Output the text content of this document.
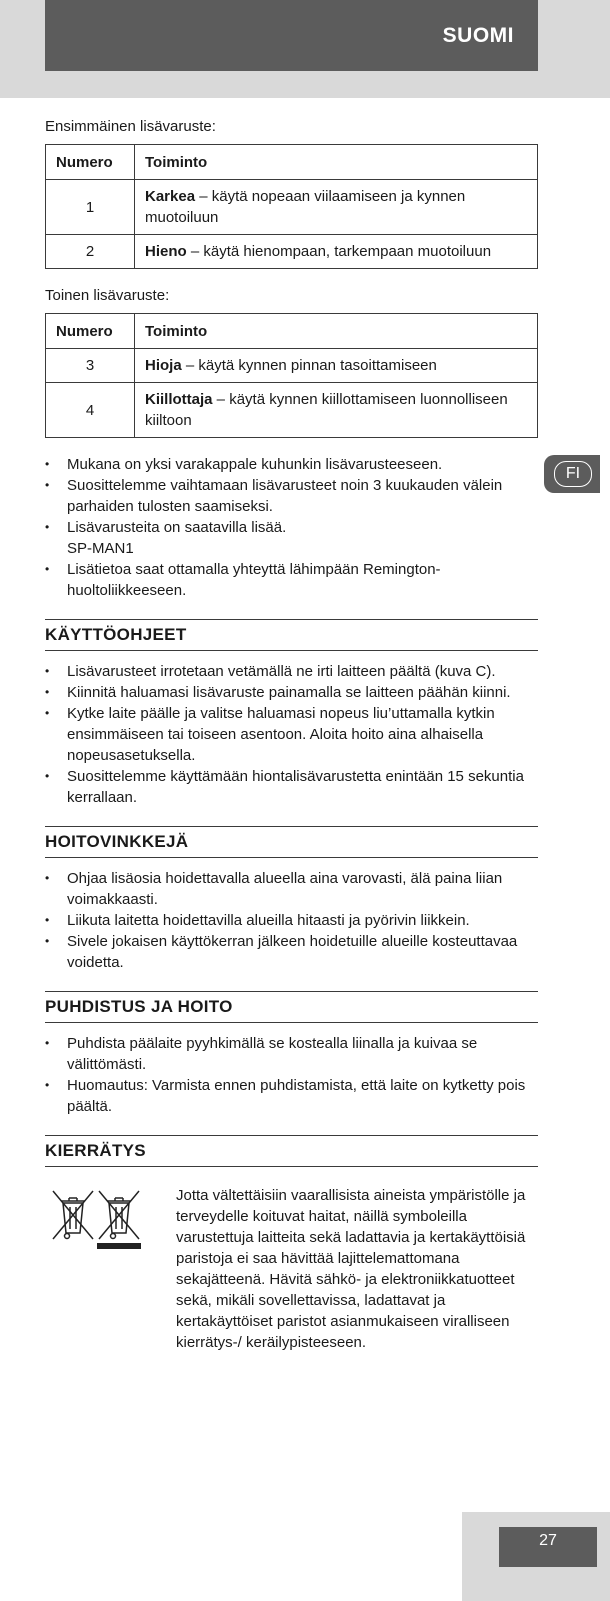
SUOMI
FI

Ensimmäinen lisävaruste:

Numero	Toiminto
1	Karkea – käytä nopeaan viilaamiseen ja kynnen muotoiluun
2	Hieno – käytä hienompaan, tarkempaan muotoiluun

Toinen lisävaruste:

Numero	Toiminto
3	Hioja – käytä kynnen pinnan tasoittamiseen
4	Kiillottaja – käytä kynnen kiillottamiseen luonnolliseen kiiltoon
• Mukana on yksi varakappale kuhunkin lisävarusteeseen.
• Suosittelemme vaihtamaan lisävarusteet noin 3 kuukauden välein parhaiden tulosten saamiseksi.
• Lisävarusteita on saatavilla lisää.
SP-MAN1
• Lisätietoa saat ottamalla yhteyttä lähimpään Remington-huoltoliikkeeseen.
KÄYTTÖOHJEET
• Lisävarusteet irrotetaan vetämällä ne irti laitteen päältä (kuva C).
• Kiinnitä haluamasi lisävaruste painamalla se laitteen päähän kiinni.
• Kytke laite päälle ja valitse haluamasi nopeus liu’uttamalla kytkin ensimmäiseen tai toiseen asentoon. Aloita hoito aina alhaisella nopeusasetuksella.
• Suosittelemme käyttämään hiontalisävarustetta enintään 15 sekuntia kerrallaan.
HOITOVINKKEJÄ
• Ohjaa lisäosia hoidettavalla alueella aina varovasti, älä paina liian voimakkaasti.
• Liikuta laitetta hoidettavilla alueilla hitaasti ja pyörivin liikkein.
• Sivele jokaisen käyttökerran jälkeen hoidetuille alueille kosteuttavaa voidetta.
PUHDISTUS JA HOITO
• Puhdista päälaite pyyhkimällä se kostealla liinalla ja kuivaa se välittömästi.
• Huomautus: Varmista ennen puhdistamista, että laite on kytketty pois päältä.
KIERRÄTYS
Jotta vältettäisiin vaarallisista aineista ympäristölle ja terveydelle koituvat haitat, näillä symboleilla varustettuja laitteita sekä ladattavia ja kertakäyttöisiä paristoja ei saa hävittää lajittelemattomana sekajätteenä. Hävitä sähkö- ja elektroniikkatuotteet sekä, mikäli sovellettavissa, ladattavat ja kertakäyttöiset paristot asianmukaiseen viralliseen kierrätys-/ keräilypisteeseen.
27
